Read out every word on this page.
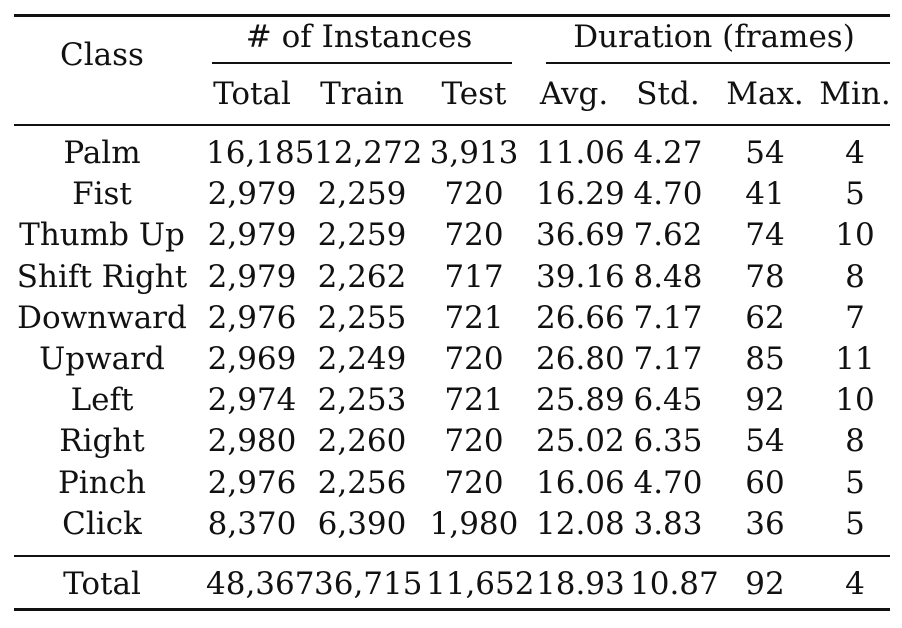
Class	# of Instances	Duration (frames)
Total Train	Test	Avg. Std. Max. Min.
Palm	16,185 12,272 3,913 11.06 4.27	54	4
Fist	2,979 2,259	720	16.29 4.70	41	5
Thumb Up 2,979 2,259	720	36.69 7.62	74	10
Shift Right 2,979 2,262	717	39.16 8.48	78	8
Downward 2,976 2,255	721	26.66 7.17	62	7
Upward	2,969 2,249	720	26.80 7.17	85	11
Left	2,974 2,253	721	25.89 6.45	92	10
Right	2,980 2,260	720	25.02 6.35	54	8
Pinch	2,976 2,256	720	16.06 4.70	60	5
Click	8,370 6,390 1,980 12.08 3.83	36	5
Total	48,367 36,715 11,652 18.93 10.87 92	4
